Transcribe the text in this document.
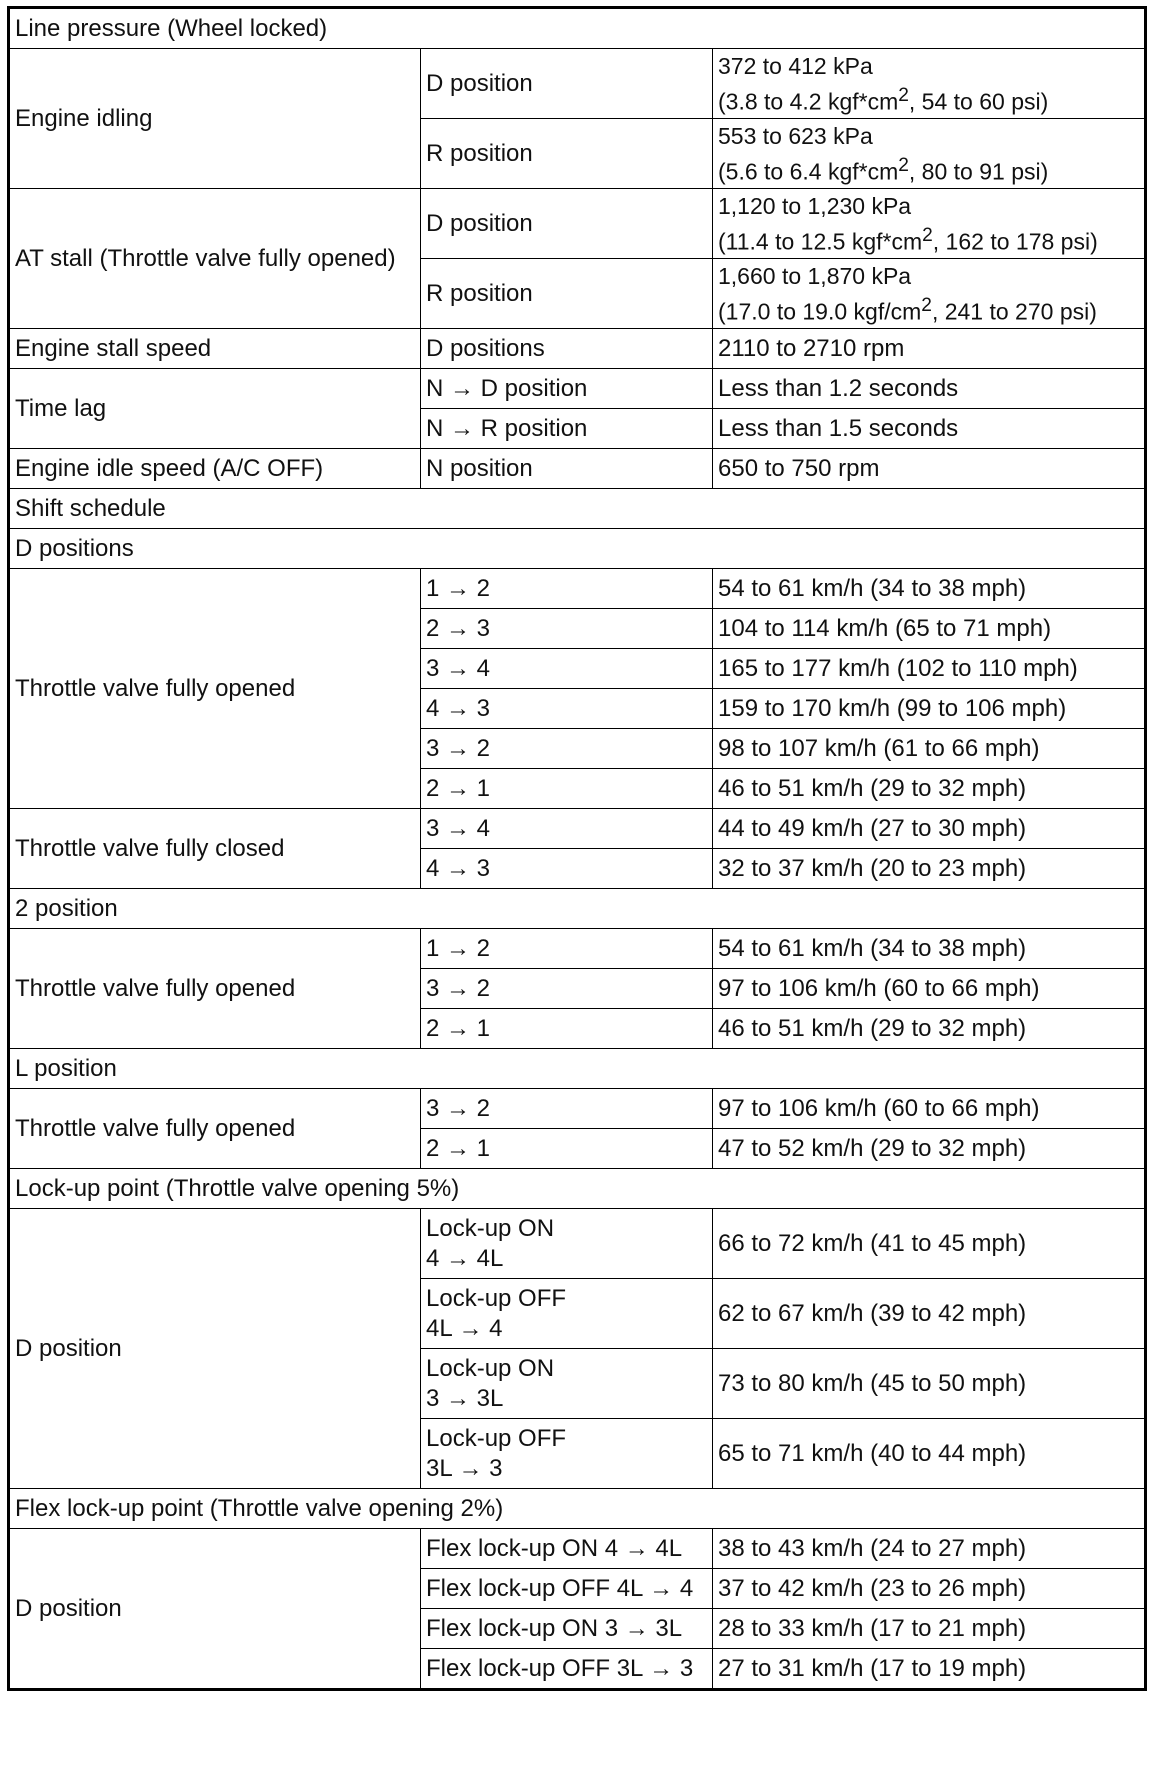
Line pressure (Wheel locked)		
Engine idling	D position	372 to 412 kPa
(3.8 to 4.2 $kgf*cm^2$, 54 to 60 psi)

	R position	553 to 623 kPa
(5.6 to 6.4 $kgf*cm^2$, 80 to 91 psi)

AT stall (Throttle valve fully opened)	D position	1,120 to 1,230 kPa
(11.4 to 12.5 $kgf*cm^2$, 162 to 178 psi)

	R position	1,660 to 1,870 kPa
(17.0 to 19.0 kgf/$cm^2$, 241 to 270 psi)

Engine stall speed	D positions	2110 to 2710 rpm
Time lag	N → D position	Less than 1.2 seconds
	N → R position	Less than 1.5 seconds
Engine idle speed (A/C OFF)	N position	650 to 750 rpm
Shift schedule		
D positions		
Throttle valve fully opened	1 → 2	54 to 61 km/h (34 to 38 mph)
	2 → 3	104 to 114 km/h (65 to 71 mph)
	3 → 4	165 to 177 km/h (102 to 110 mph)
	4 → 3	159 to 170 km/h (99 to 106 mph)
	3 → 2	98 to 107 km/h (61 to 66 mph)
	2 → 1	46 to 51 km/h (29 to 32 mph)
Throttle valve fully closed	3 → 4	44 to 49 km/h (27 to 30 mph)
	4 → 3	32 to 37 km/h (20 to 23 mph)
2 position		
Throttle valve fully opened	1 → 2	54 to 61 km/h (34 to 38 mph)
	3 → 2	97 to 106 km/h (60 to 66 mph)
	2 → 1	46 to 51 km/h (29 to 32 mph)
L position		
Throttle valve fully opened	3 → 2	97 to 106 km/h (60 to 66 mph)
	2 → 1	47 to 52 km/h (29 to 32 mph)
Lock-up point (Throttle valve opening 5%)		
D position	Lock-up ON
4 → 4L	66 to 72 km/h (41 to 45 mph)

	Lock-up OFF
4L → 4	62 to 67 km/h (39 to 42 mph)

	Lock-up ON
3 → 3L	73 to 80 km/h (45 to 50 mph)

	Lock-up OFF
3L → 3	65 to 71 km/h (40 to 44 mph)
Flex lock-up point (Throttle valve opening 2%)		
D position	Flex lock-up ON 4 → 4L	38 to 43 km/h (24 to 27 mph)
	Flex lock-up OFF 4L → 4	37 to 42 km/h (23 to 26 mph)
	Flex lock-up ON 3 → 3L	28 to 33 km/h (17 to 21 mph)
	Flex lock-up OFF 3L → 3	27 to 31 km/h (17 to 19 mph)
